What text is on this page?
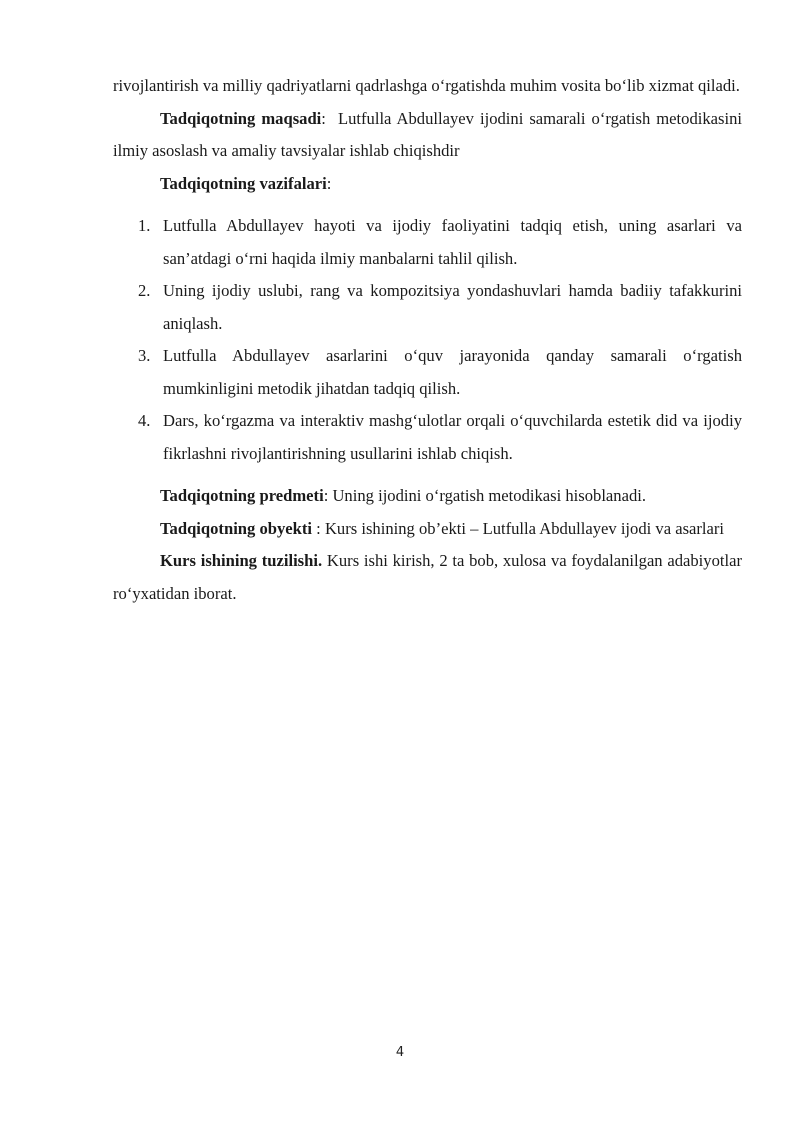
rivojlantirish va milliy qadriyatlarni qadrlashga o‘rgatishda muhim vosita bo‘lib xizmat qiladi.

Tadqiqotning maqsadi: Lutfulla Abdullayev ijodini samarali o‘rgatish metodikasini ilmiy asoslash va amaliy tavsiyalar ishlab chiqishdir

Tadqiqotning vazifalari:

1. Lutfulla Abdullayev hayoti va ijodiy faoliyatini tadqiq etish, uning asarlari va san’atdagi o‘rni haqida ilmiy manbalarni tahlil qilish.
2. Uning ijodiy uslubi, rang va kompozitsiya yondashuvlari hamda badiiy tafakkurini aniqlash.
3. Lutfulla Abdullayev asarlarini o‘quv jarayonida qanday samarali o‘rgatish mumkinligini metodik jihatdan tadqiq qilish.
4. Dars, ko‘rgazma va interaktiv mashg‘ulotlar orqali o‘quvchilarda estetik did va ijodiy fikrlashni rivojlantirishning usullarini ishlab chiqish.

Tadqiqotning predmeti: Uning ijodini o‘rgatish metodikasi hisoblanadi.

Tadqiqotning obyekti : Kurs ishining ob’ekti – Lutfulla Abdullayev ijodi va asarlari

Kurs ishining tuzilishi. Kurs ishi kirish, 2 ta bob, xulosa va foydalanilgan adabiyotlar ro‘yxatidan iborat.

4
